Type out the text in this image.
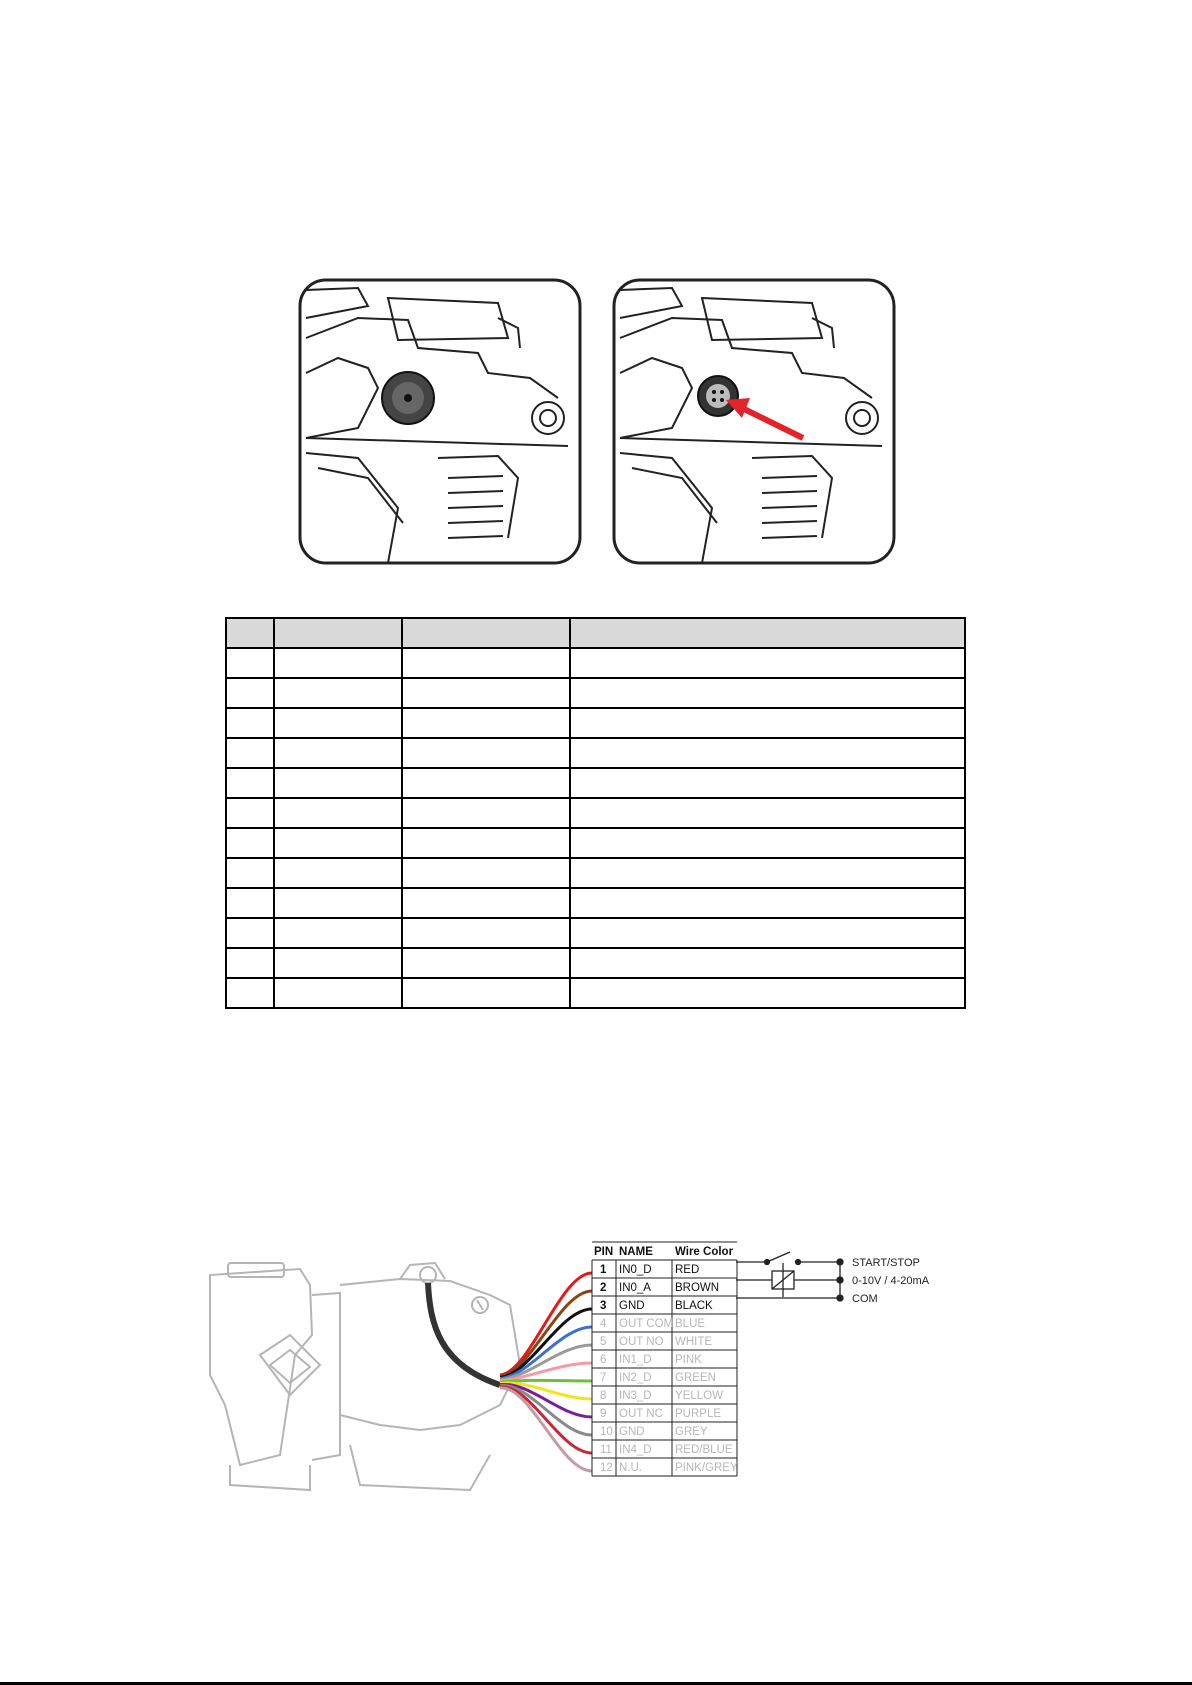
PIN NAME Wire Color
1 IN0_D RED
2 IN0_A BROWN
3 GND	BLACK
4 OUT COM BLUE
5 OUT NO WHITE
6 IN1_D PINK
7 IN2_D GREEN
8 IN3_D YELLOW
9 OUT NC PURPLE
10 GND	GREY
11 IN4_D RED/BLUE
12 N.U.	PINK/GREY
START/STOP
0-10V / 4-20mA
COM
